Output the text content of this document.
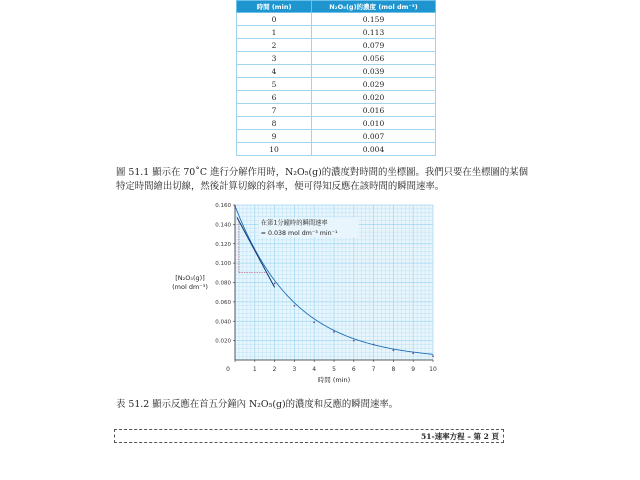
時間 (min)	N₂O₅(g)的濃度 (mol dm⁻³)
0	0.159
1	0.113
2	0.079
3	0.056
4	0.039
5	0.029
6	0.020
7	0.016
8	0.010
9	0.007
10	0.004
圖 51.1 顯示在 70˚C 進行分解作用時，N₂O₅(g)的濃度對時間的坐標圖。我們只要在坐標圖的某個特定時間繪出切線，然後計算切線的斜率，便可得知反應在該時間的瞬間速率。
0	1	2	3	4	5	6	7	8	9 10
0.020
0.040
0.060
0.080
0.100
0.120
0.140
0.160
時間 (min)
[N₂O₅(g)]
(mol dm⁻³)
在第1分鐘時的瞬間速率
= 0.038 mol dm⁻³ min⁻¹
表 51.2 顯示反應在首五分鐘內 N₂O₅(g)的濃度和反應的瞬間速率。
51-速率方程 – 第 2 頁
